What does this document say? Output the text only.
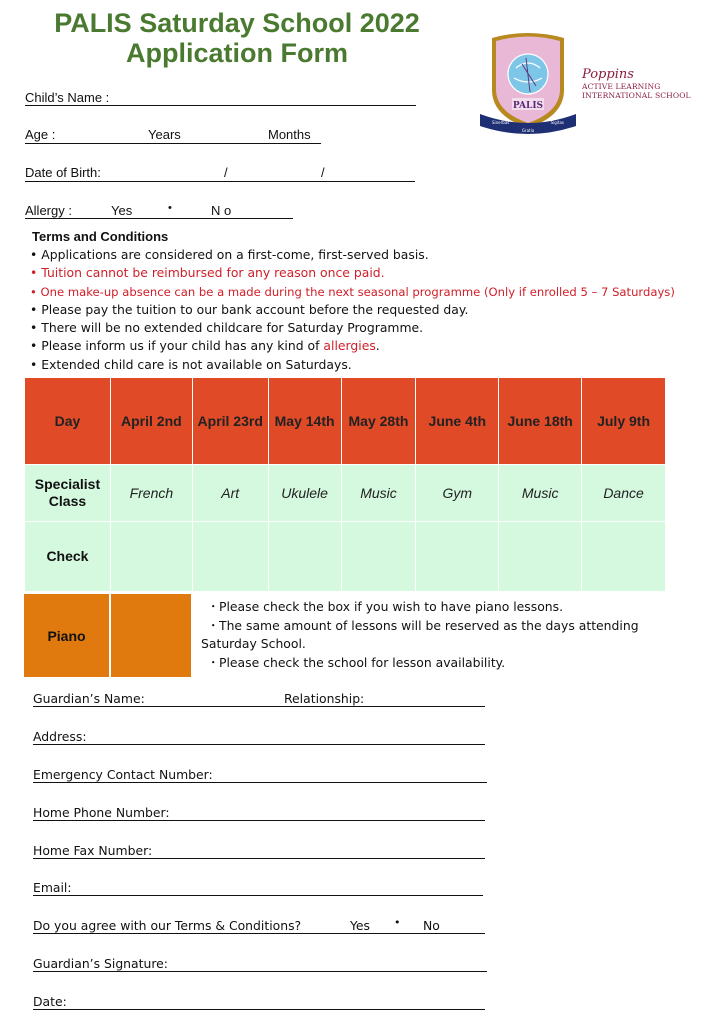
PALIS Saturday School 2022
Application Form
PALIS
Sinerbas
Gratia
Sigitas
Poppins
ACTIVE LEARNING
INTERNATIONAL SCHOOL
Child’s Name :
Age :	Years	Months
Date of Birth:	/	/
Allergy :	Yes	•	N o
Terms and Conditions
• Applications are considered on a first-come, first-served basis.
• Tuition cannot be reimbursed for any reason once paid.
• One make-up absence can be a made during the next seasonal programme (Only if enrolled 5 – 7 Saturdays)
• Please pay the tuition to our bank account before the requested day.
• There will be no extended childcare for Saturday Programme.
• Please inform us if your child has any kind of allergies.
• Extended child care is not available on Saturdays.
Day	April 2nd	April 23rd	May 14th	May 28th	June 4th	June 18th	July 9th
Specialist Class	French	Art	Ukulele	Music	Gym	Music	Dance
Check							
Piano
・Please check the box if you wish to have piano lessons.
・The same amount of lessons will be reserved as the days attending
Saturday School.
・Please check the school for lesson availability.
Guardian’s Name:	Relationship:
Address:
Emergency Contact Number:
Home Phone Number:
Home Fax Number:
Email:
Do you agree with our Terms & Conditions?	Yes • No
Guardian’s Signature:
Date:
